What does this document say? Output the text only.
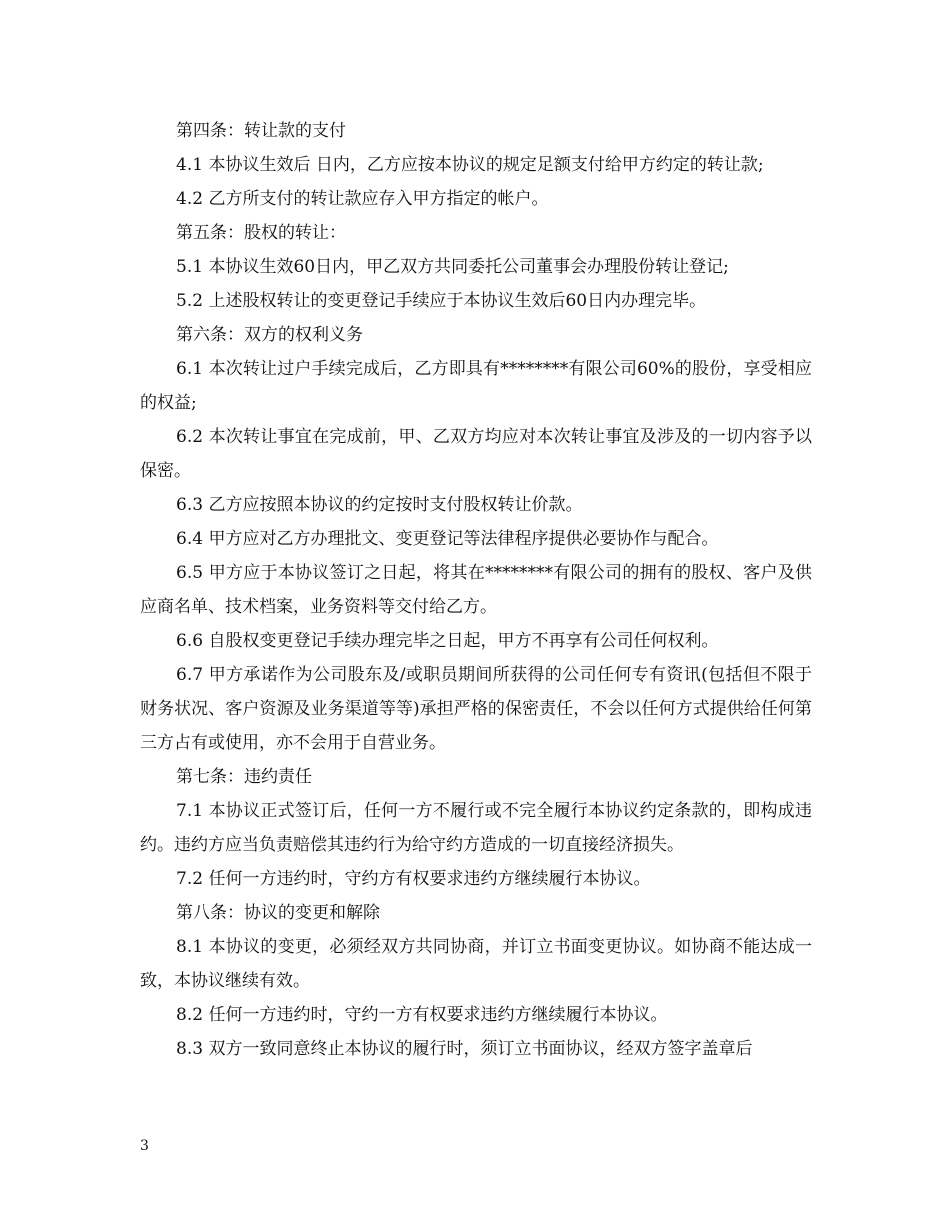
第四条：转让款的支付

4.1 本协议生效后 日内，乙方应按本协议的规定足额支付给甲方约定的转让款;

4.2 乙方所支付的转让款应存入甲方指定的帐户。

第五条：股权的转让：

5.1 本协议生效60日内，甲乙双方共同委托公司董事会办理股份转让登记;

5.2 上述股权转让的变更登记手续应于本协议生效后60日内办理完毕。

第六条：双方的权利义务

6.1 本次转让过户手续完成后，乙方即具有********有限公司60%的股份，享受相应的权益;

6.2 本次转让事宜在完成前，甲、乙双方均应对本次转让事宜及涉及的一切内容予以保密。

6.3 乙方应按照本协议的约定按时支付股权转让价款。

6.4 甲方应对乙方办理批文、变更登记等法律程序提供必要协作与配合。

6.5 甲方应于本协议签订之日起，将其在********有限公司的拥有的股权、客户及供应商名单、技术档案，业务资料等交付给乙方。

6.6 自股权变更登记手续办理完毕之日起，甲方不再享有公司任何权利。

6.7 甲方承诺作为公司股东及/或职员期间所获得的公司任何专有资讯(包括但不限于财务状况、客户资源及业务渠道等等)承担严格的保密责任，不会以任何方式提供给任何第三方占有或使用，亦不会用于自营业务。

第七条：违约责任

7.1 本协议正式签订后，任何一方不履行或不完全履行本协议约定条款的，即构成违约。违约方应当负责赔偿其违约行为给守约方造成的一切直接经济损失。

7.2 任何一方违约时，守约方有权要求违约方继续履行本协议。

第八条：协议的变更和解除

8.1 本协议的变更，必须经双方共同协商，并订立书面变更协议。如协商不能达成一致，本协议继续有效。

8.2 任何一方违约时，守约一方有权要求违约方继续履行本协议。

8.3 双方一致同意终止本协议的履行时，须订立书面协议，经双方签字盖章后

3
